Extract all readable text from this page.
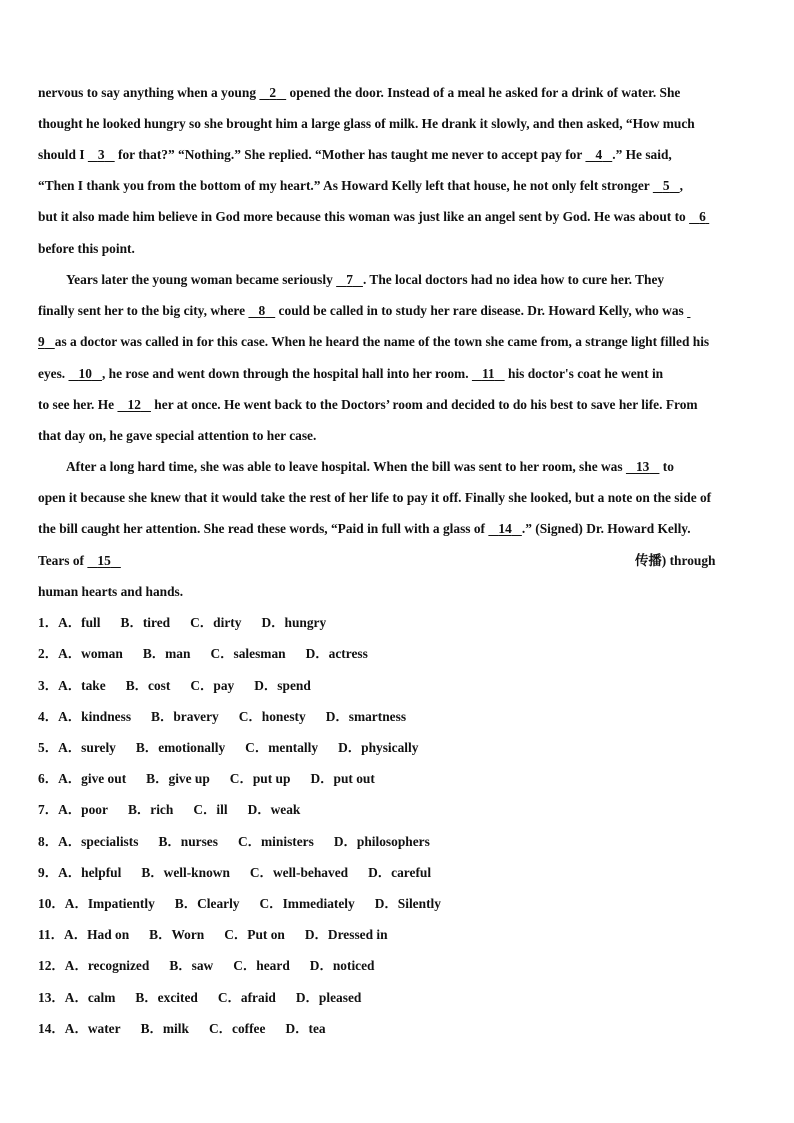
nervous to say anything when a young    2    opened the door. Instead of a meal he asked for a drink of water. She
thought he looked hungry so she brought him a large glass of milk. He drank it slowly, and then asked, “How much
should I    3    for that?” “Nothing.” She replied. “Mother has taught me never to accept pay for    4 .” He said,
“Then I thank you from the bottom of my heart.” As Howard Kelly left that house, he not only felt stronger    5 ,
but it also made him believe in God more because this woman was just like an angel sent by God. He was about to    6
before this point.
Years later the young woman became seriously    7 . The local doctors had no idea how to cure her. They
finally sent her to the big city, where    8    could be called in to study her rare disease. Dr. Howard Kelly, who was
9 as a doctor was called in for this case. When he heard the name of the town she came from, a strange light filled his
eyes.    10 , he rose and went down through the hospital hall into her room.    11    his doctor's coat he went in
to see her. He    12    her at once. He went back to the Doctors’ room and decided to do his best to save her life. From
that day on, he gave special attention to her case.
After a long hard time, she was able to leave hospital. When the bill was sent to her room, she was    13    to
open it because she knew that it would take the rest of her life to pay it off. Finally she looked, but a note on the side of
the bill caught her attention. She read these words, “Paid in full with a glass of    14 .” (Signed) Dr. Howard Kelly.
Tears of    15	传播) through
human hearts and hands.
1．A．full B．tired C．dirty D．hungry
2．A．woman B．man C．salesman D．actress
3．A．take B．cost C．pay D．spend
4．A．kindness B．bravery C．honesty D．smartness
5．A．surely B．emotionally C．mentally D．physically
6．A．give out B．give up C．put up D．put out
7．A．poor B．rich C．ill D．weak
8．A．specialists B．nurses C．ministers D．philosophers
9．A．helpful B．well-known C．well-behaved D．careful
10．A．Impatiently B．Clearly C．Immediately D．Silently
11．A．Had on B．Worn C．Put on D．Dressed in
12．A．recognized B．saw C．heard D．noticed
13．A．calm B．excited C．afraid D．pleased
14．A．water B．milk C．coffee D．tea
